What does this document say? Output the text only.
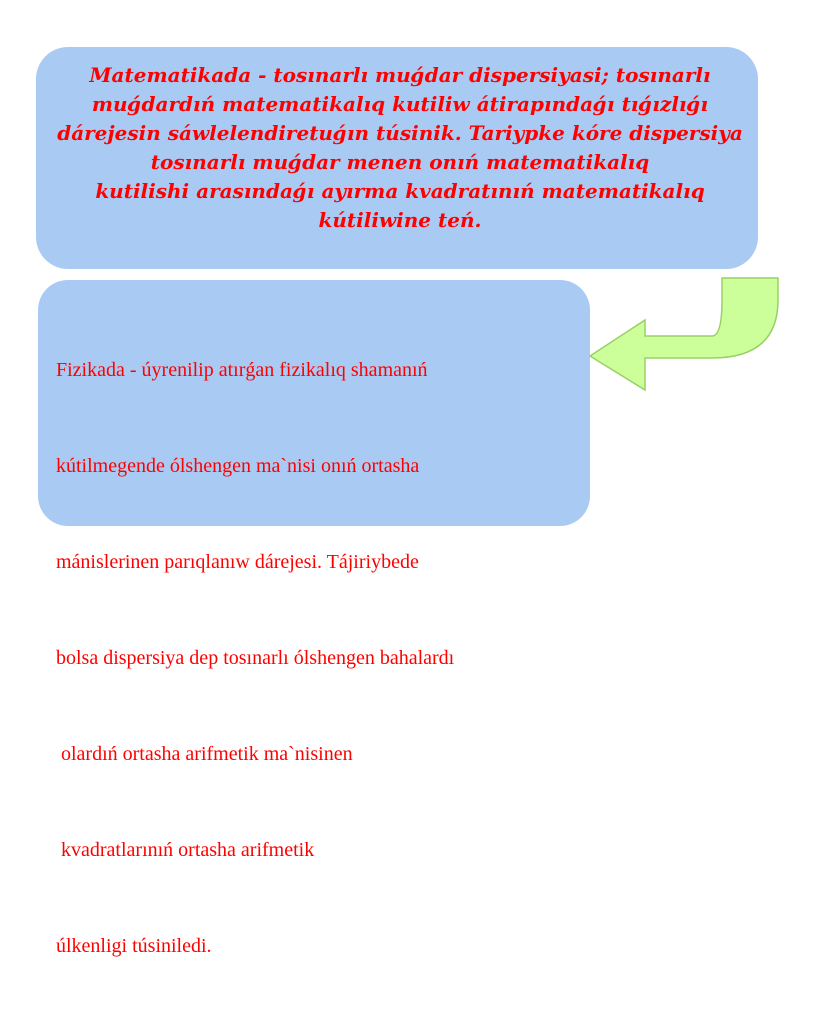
Matematikada - tosınarlı muǵdar dispersiyasi; tosınarlı
muǵdardıń matematikalıq kutiliw átirapındaǵı tıǵızlıǵı
dárejesin sáwlelendiretuǵın túsinik. Tariypke kóre dispersiya
tosınarlı muǵdar menen onıń matematikalıq
kutilishi arasındaǵı ayırma kvadratınıń matematikalıq
kútiliwine teń.

Fizikada - úyrenilip atırǵan fizikalıq shamanıń

kútilmegende ólshengen ma`nisi onıń ortasha

mánislerinen parıqlanıw dárejesi. Tájiriybede

bolsa dispersiya dep tosınarlı ólshengen bahalardı

olardıń ortasha arifmetik ma`nisinen

kvadratlarınıń ortasha arifmetik

úlkenligi túsiniledi.
